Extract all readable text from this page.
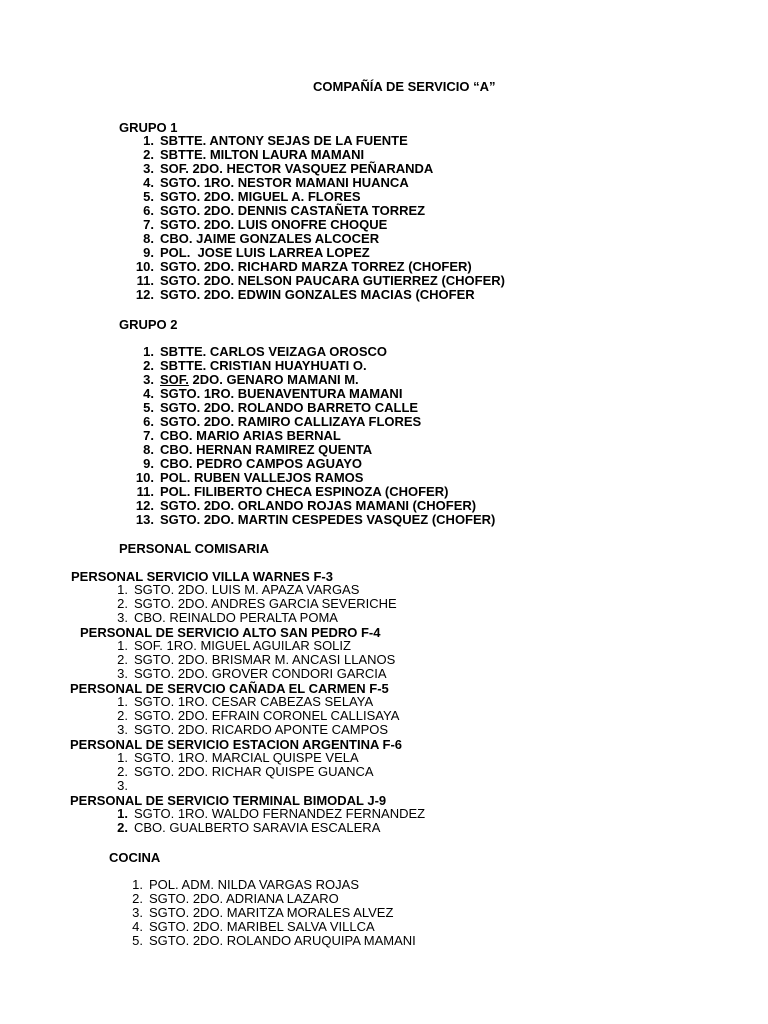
COMPAÑÍA DE SERVICIO “A”
GRUPO 1
1. SBTTE. ANTONY SEJAS DE LA FUENTE
2. SBTTE. MILTON LAURA MAMANI
3. SOF. 2DO. HECTOR VASQUEZ PEÑARANDA
4. SGTO. 1RO. NESTOR MAMANI HUANCA
5. SGTO. 2DO. MIGUEL A. FLORES
6. SGTO. 2DO. DENNIS CASTAÑETA TORREZ
7. SGTO. 2DO. LUIS ONOFRE CHOQUE
8. CBO. JAIME GONZALES ALCOCER
9. POL.  JOSE LUIS LARREA LOPEZ
10. SGTO. 2DO. RICHARD MARZA TORREZ (CHOFER)
11. SGTO. 2DO. NELSON PAUCARA GUTIERREZ (CHOFER)
12. SGTO. 2DO. EDWIN GONZALES MACIAS (CHOFER
GRUPO 2
1. SBTTE. CARLOS VEIZAGA OROSCO
2. SBTTE. CRISTIAN HUAYHUATI O.
3. SOF. 2DO. GENARO MAMANI M.
4. SGTO. 1RO. BUENAVENTURA MAMANI
5. SGTO. 2DO. ROLANDO BARRETO CALLE
6. SGTO. 2DO. RAMIRO CALLIZAYA FLORES
7. CBO. MARIO ARIAS BERNAL
8. CBO. HERNAN RAMIREZ QUENTA
9. CBO. PEDRO CAMPOS AGUAYO
10. POL. RUBEN VALLEJOS RAMOS
11. POL. FILIBERTO CHECA ESPINOZA (CHOFER)
12. SGTO. 2DO. ORLANDO ROJAS MAMANI (CHOFER)
13. SGTO. 2DO. MARTIN CESPEDES VASQUEZ (CHOFER)
PERSONAL COMISARIA
PERSONAL SERVICIO VILLA WARNES F-3
1. SGTO. 2DO. LUIS M. APAZA VARGAS
2. SGTO. 2DO. ANDRES GARCIA SEVERICHE
3. CBO. REINALDO PERALTA POMA
PERSONAL DE SERVICIO ALTO SAN PEDRO F-4
1. SOF. 1RO. MIGUEL AGUILAR SOLIZ
2. SGTO. 2DO. BRISMAR M. ANCASI LLANOS
3. SGTO. 2DO. GROVER CONDORI GARCIA
PERSONAL DE SERVCIO CAÑADA EL CARMEN F-5
1. SGTO. 1RO. CESAR CABEZAS SELAYA
2. SGTO. 2DO. EFRAIN CORONEL CALLISAYA
3. SGTO. 2DO. RICARDO APONTE CAMPOS
PERSONAL DE SERVICIO ESTACION ARGENTINA F-6
1. SGTO. 1RO. MARCIAL QUISPE VELA
2. SGTO. 2DO. RICHAR QUISPE GUANCA
3.
PERSONAL DE SERVICIO TERMINAL BIMODAL J-9
1. SGTO. 1RO. WALDO FERNANDEZ FERNANDEZ
2. CBO. GUALBERTO SARAVIA ESCALERA
COCINA
1. POL. ADM. NILDA VARGAS ROJAS
2. SGTO. 2DO. ADRIANA LAZARO
3. SGTO. 2DO. MARITZA MORALES ALVEZ
4. SGTO. 2DO. MARIBEL SALVA VILLCA
5. SGTO. 2DO. ROLANDO ARUQUIPA MAMANI
